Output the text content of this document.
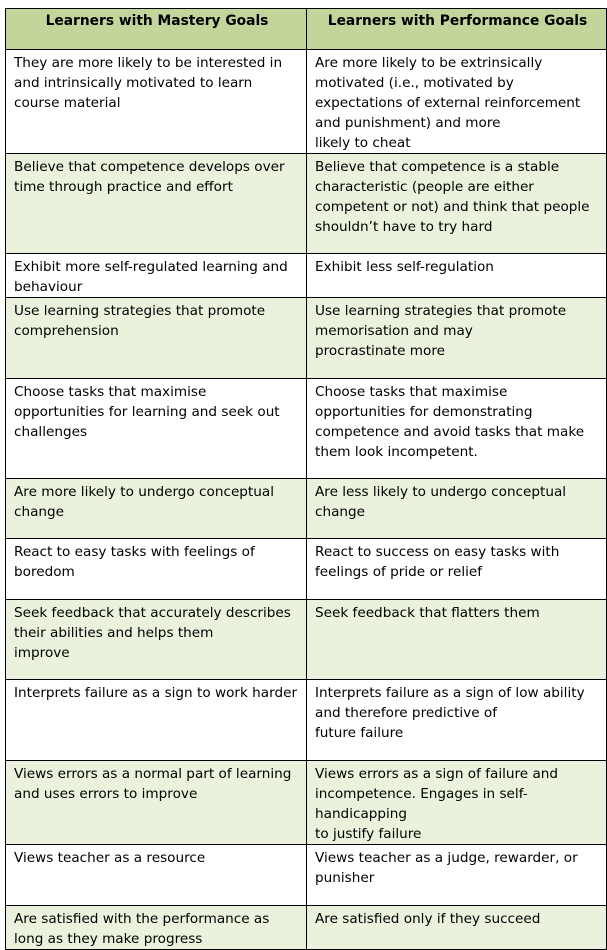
Learners with Mastery Goals	Learners with Performance Goals

They are more likely to be interested in
and intrinsically motivated to learn
course material	Are more likely to be extrinsically
motivated (i.e., motivated by
expectations of external reinforcement
and punishment) and more
likely to cheat

Believe that competence develops over
time through practice and effort	Believe that competence is a stable
characteristic (people are either
competent or not) and think that people
shouldn’t have to try hard

Exhibit more self-regulated learning and
behaviour	Exhibit less self-regulation

Use learning strategies that promote
comprehension	Use learning strategies that promote
memorisation and may
procrastinate more

Choose tasks that maximise
opportunities for learning and seek out
challenges	Choose tasks that maximise
opportunities for demonstrating
competence and avoid tasks that make
them look incompetent.

Are more likely to undergo conceptual
change	Are less likely to undergo conceptual
change

React to easy tasks with feelings of
boredom	React to success on easy tasks with
feelings of pride or relief

Seek feedback that accurately describes
their abilities and helps them
improve	Seek feedback that flatters them

Interprets failure as a sign to work harder	Interprets failure as a sign of low ability
and therefore predictive of
future failure

Views errors as a normal part of learning
and uses errors to improve	Views errors as a sign of failure and
incompetence. Engages in self-
handicapping
to justify failure

Views teacher as a resource	Views teacher as a judge, rewarder, or
punisher

Are satisfied with the performance as
long as they make progress	Are satisfied only if they succeed
